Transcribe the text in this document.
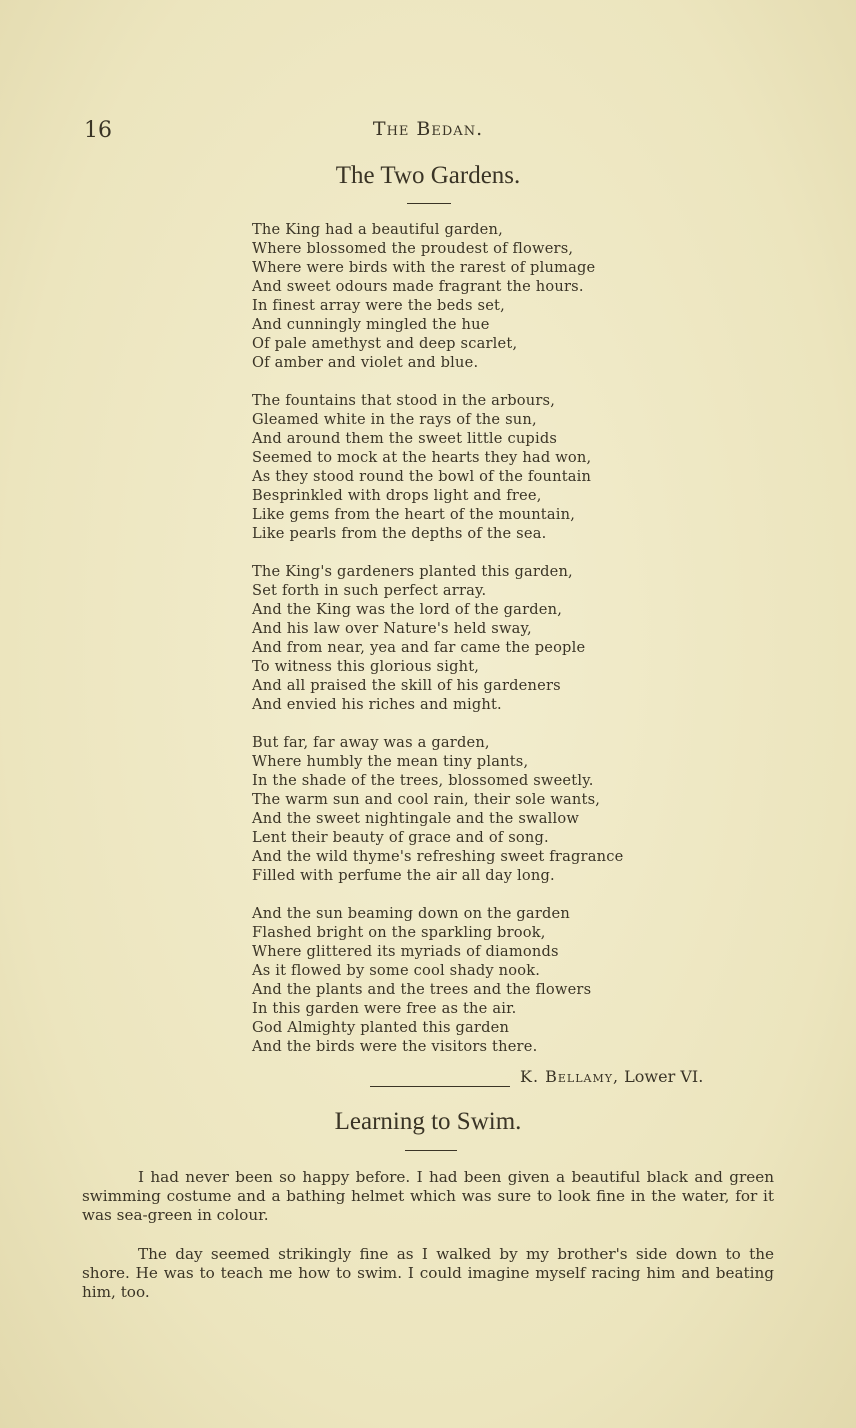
16	The Bedan.
The Two Gardens.
The King had a beautiful garden,
Where blossomed the proudest of flowers,
Where were birds with the rarest of plumage
And sweet odours made fragrant the hours.
In finest array were the beds set,
And cunningly mingled the hue
Of pale amethyst and deep scarlet,
Of amber and violet and blue.
The fountains that stood in the arbours,
Gleamed white in the rays of the sun,
And around them the sweet little cupids
Seemed to mock at the hearts they had won,
As they stood round the bowl of the fountain
Besprinkled with drops light and free,
Like gems from the heart of the mountain,
Like pearls from the depths of the sea.
The King's gardeners planted this garden,
Set forth in such perfect array.
And the King was the lord of the garden,
And his law over Nature's held sway,
And from near, yea and far came the people
To witness this glorious sight,
And all praised the skill of his gardeners
And envied his riches and might.
But far, far away was a garden,
Where humbly the mean tiny plants,
In the shade of the trees, blossomed sweetly.
The warm sun and cool rain, their sole wants,
And the sweet nightingale and the swallow
Lent their beauty of grace and of song.
And the wild thyme's refreshing sweet fragrance
Filled with perfume the air all day long.
And the sun beaming down on the garden
Flashed bright on the sparkling brook,
Where glittered its myriads of diamonds
As it flowed by some cool shady nook.
And the plants and the trees and the flowers
In this garden were free as the air.
God Almighty planted this garden
And the birds were the visitors there.
K. Bellamy, Lower VI.
Learning to Swim.

I had never been so happy before. I had been given a beautiful black and green swimming costume and a bathing helmet which was sure to look fine in the water, for it was sea-green in colour.

The day seemed strikingly fine as I walked by my brother's side down to the shore. He was to teach me how to swim. I could imagine myself racing him and beating him, too.
